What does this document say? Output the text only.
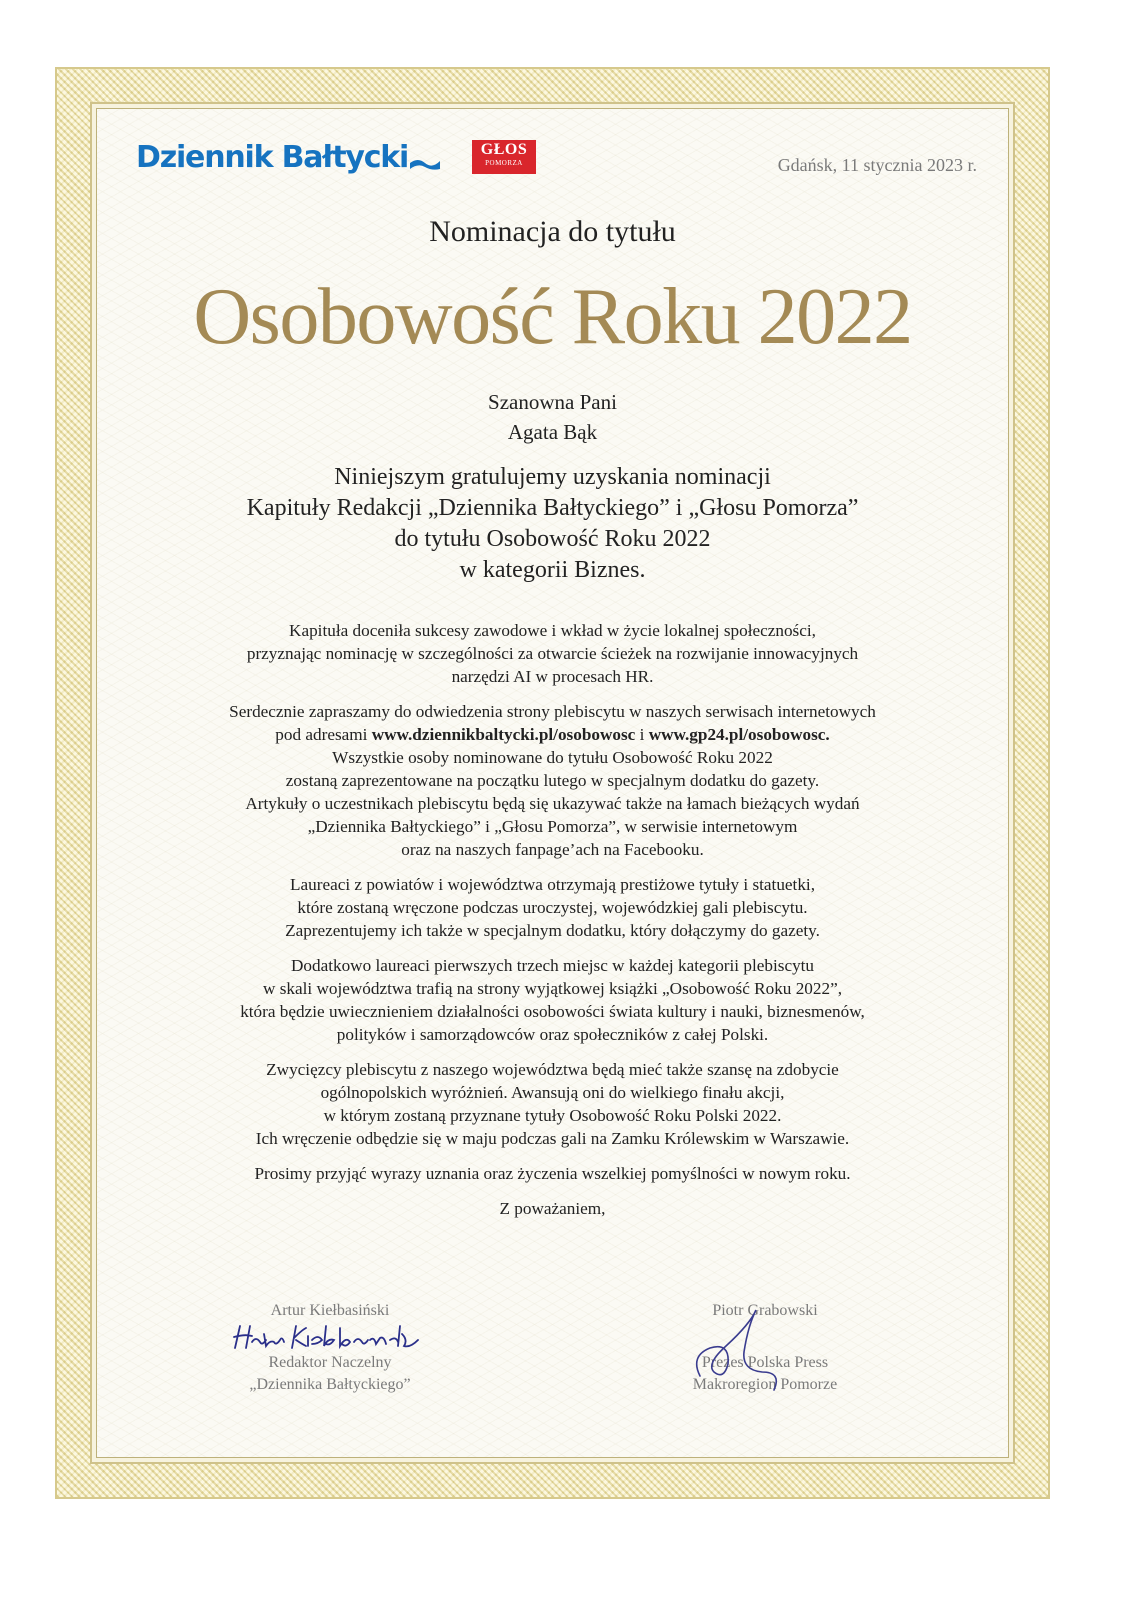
Dziennik Bałtycki	GŁOS
POMORZA	Gdańsk, 11 stycznia 2023 r.
Nominacja do tytułu
Osobowość Roku 2022
Szanowna Pani
Agata Bąk
Niniejszym gratulujemy uzyskania nominacji
Kapituły Redakcji „Dziennika Bałtyckiego” i „Głosu Pomorza”
do tytułu Osobowość Roku 2022
w kategorii Biznes.

Kapituła doceniła sukcesy zawodowe i wkład w życie lokalnej społeczności,
przyznając nominację w szczególności za otwarcie ścieżek na rozwijanie innowacyjnych
narzędzi AI w procesach HR.

Serdecznie zapraszamy do odwiedzenia strony plebiscytu w naszych serwisach internetowych
pod adresami www.dziennikbaltycki.pl/osobowosc i www.gp24.pl/osobowosc.
Wszystkie osoby nominowane do tytułu Osobowość Roku 2022
zostaną zaprezentowane na początku lutego w specjalnym dodatku do gazety.
Artykuły o uczestnikach plebiscytu będą się ukazywać także na łamach bieżących wydań
„Dziennika Bałtyckiego” i „Głosu Pomorza”, w serwisie internetowym
oraz na naszych fanpage’ach na Facebooku.

Laureaci z powiatów i województwa otrzymają prestiżowe tytuły i statuetki,
które zostaną wręczone podczas uroczystej, wojewódzkiej gali plebiscytu.
Zaprezentujemy ich także w specjalnym dodatku, który dołączymy do gazety.

Dodatkowo laureaci pierwszych trzech miejsc w każdej kategorii plebiscytu
w skali województwa trafią na strony wyjątkowej książki „Osobowość Roku 2022”,
która będzie uwiecznieniem działalności osobowości świata kultury i nauki, biznesmenów,
polityków i samorządowców oraz społeczników z całej Polski.

Zwycięzcy plebiscytu z naszego województwa będą mieć także szansę na zdobycie
ogólnopolskich wyróżnień. Awansują oni do wielkiego finału akcji,
w którym zostaną przyznane tytuły Osobowość Roku Polski 2022.
Ich wręczenie odbędzie się w maju podczas gali na Zamku Królewskim w Warszawie.

Prosimy przyjąć wyrazy uznania oraz życzenia wszelkiej pomyślności w nowym roku.

Z poważaniem,

Artur Kiełbasiński
Redaktor Naczelny
„Dziennika Bałtyckiego”
Piotr Grabowski
Prezes Polska Press
Makroregion Pomorze
